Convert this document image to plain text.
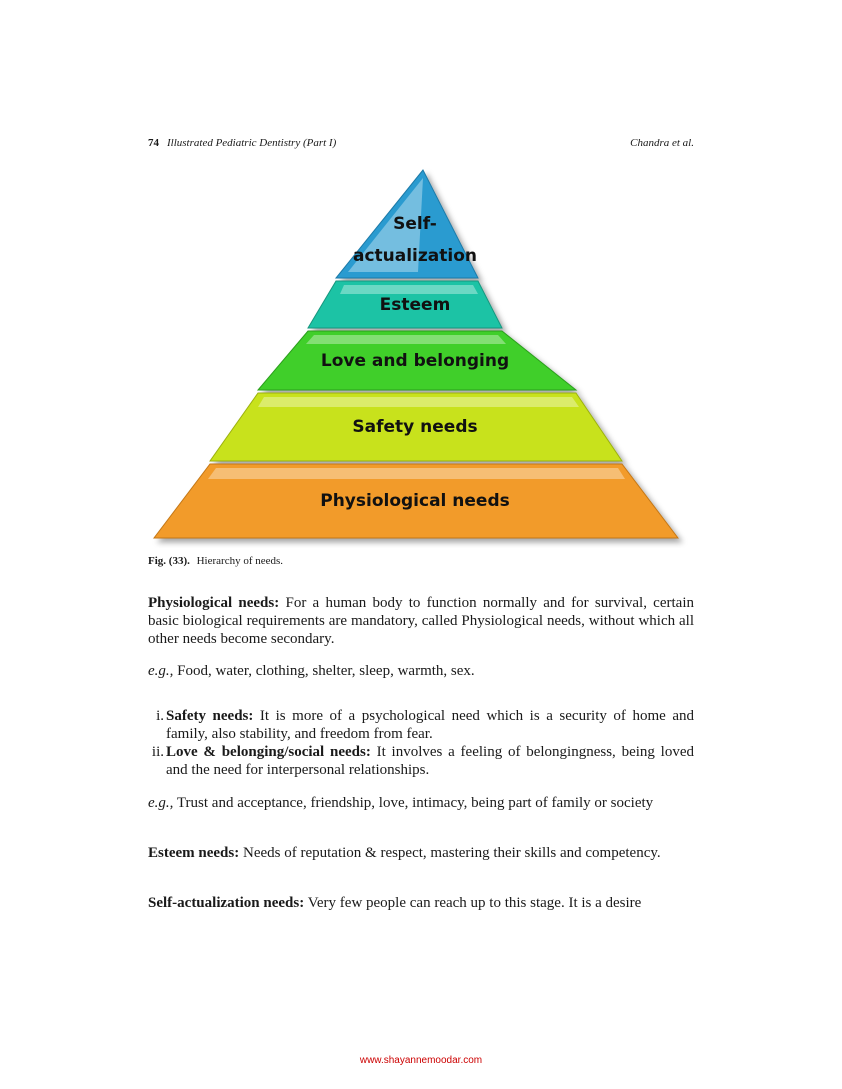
74 Illustrated Pediatric Dentistry (Part I)	Chandra et al.
Self-
actualization
Esteem
Love and belonging
Safety needs
Physiological needs
Fig. (33). Hierarchy of needs.

Physiological needs: For a human body to function normally and for survival, certain basic biological requirements are mandatory, called Physiological needs, without which all other needs become secondary.

e.g., Food, water, clothing, shelter, sleep, warmth, sex.

i. Safety needs: It is more of a psychological need which is a security of home and family, also stability, and freedom from fear.
ii. Love & belonging/social needs: It involves a feeling of belongingness, being loved and the need for interpersonal relationships.

e.g., Trust and acceptance, friendship, love, intimacy, being part of family or society

Esteem needs: Needs of reputation & respect, mastering their skills and competency.

Self-actualization needs: Very few people can reach up to this stage. It is a desire

www.shayannemoodar.com
